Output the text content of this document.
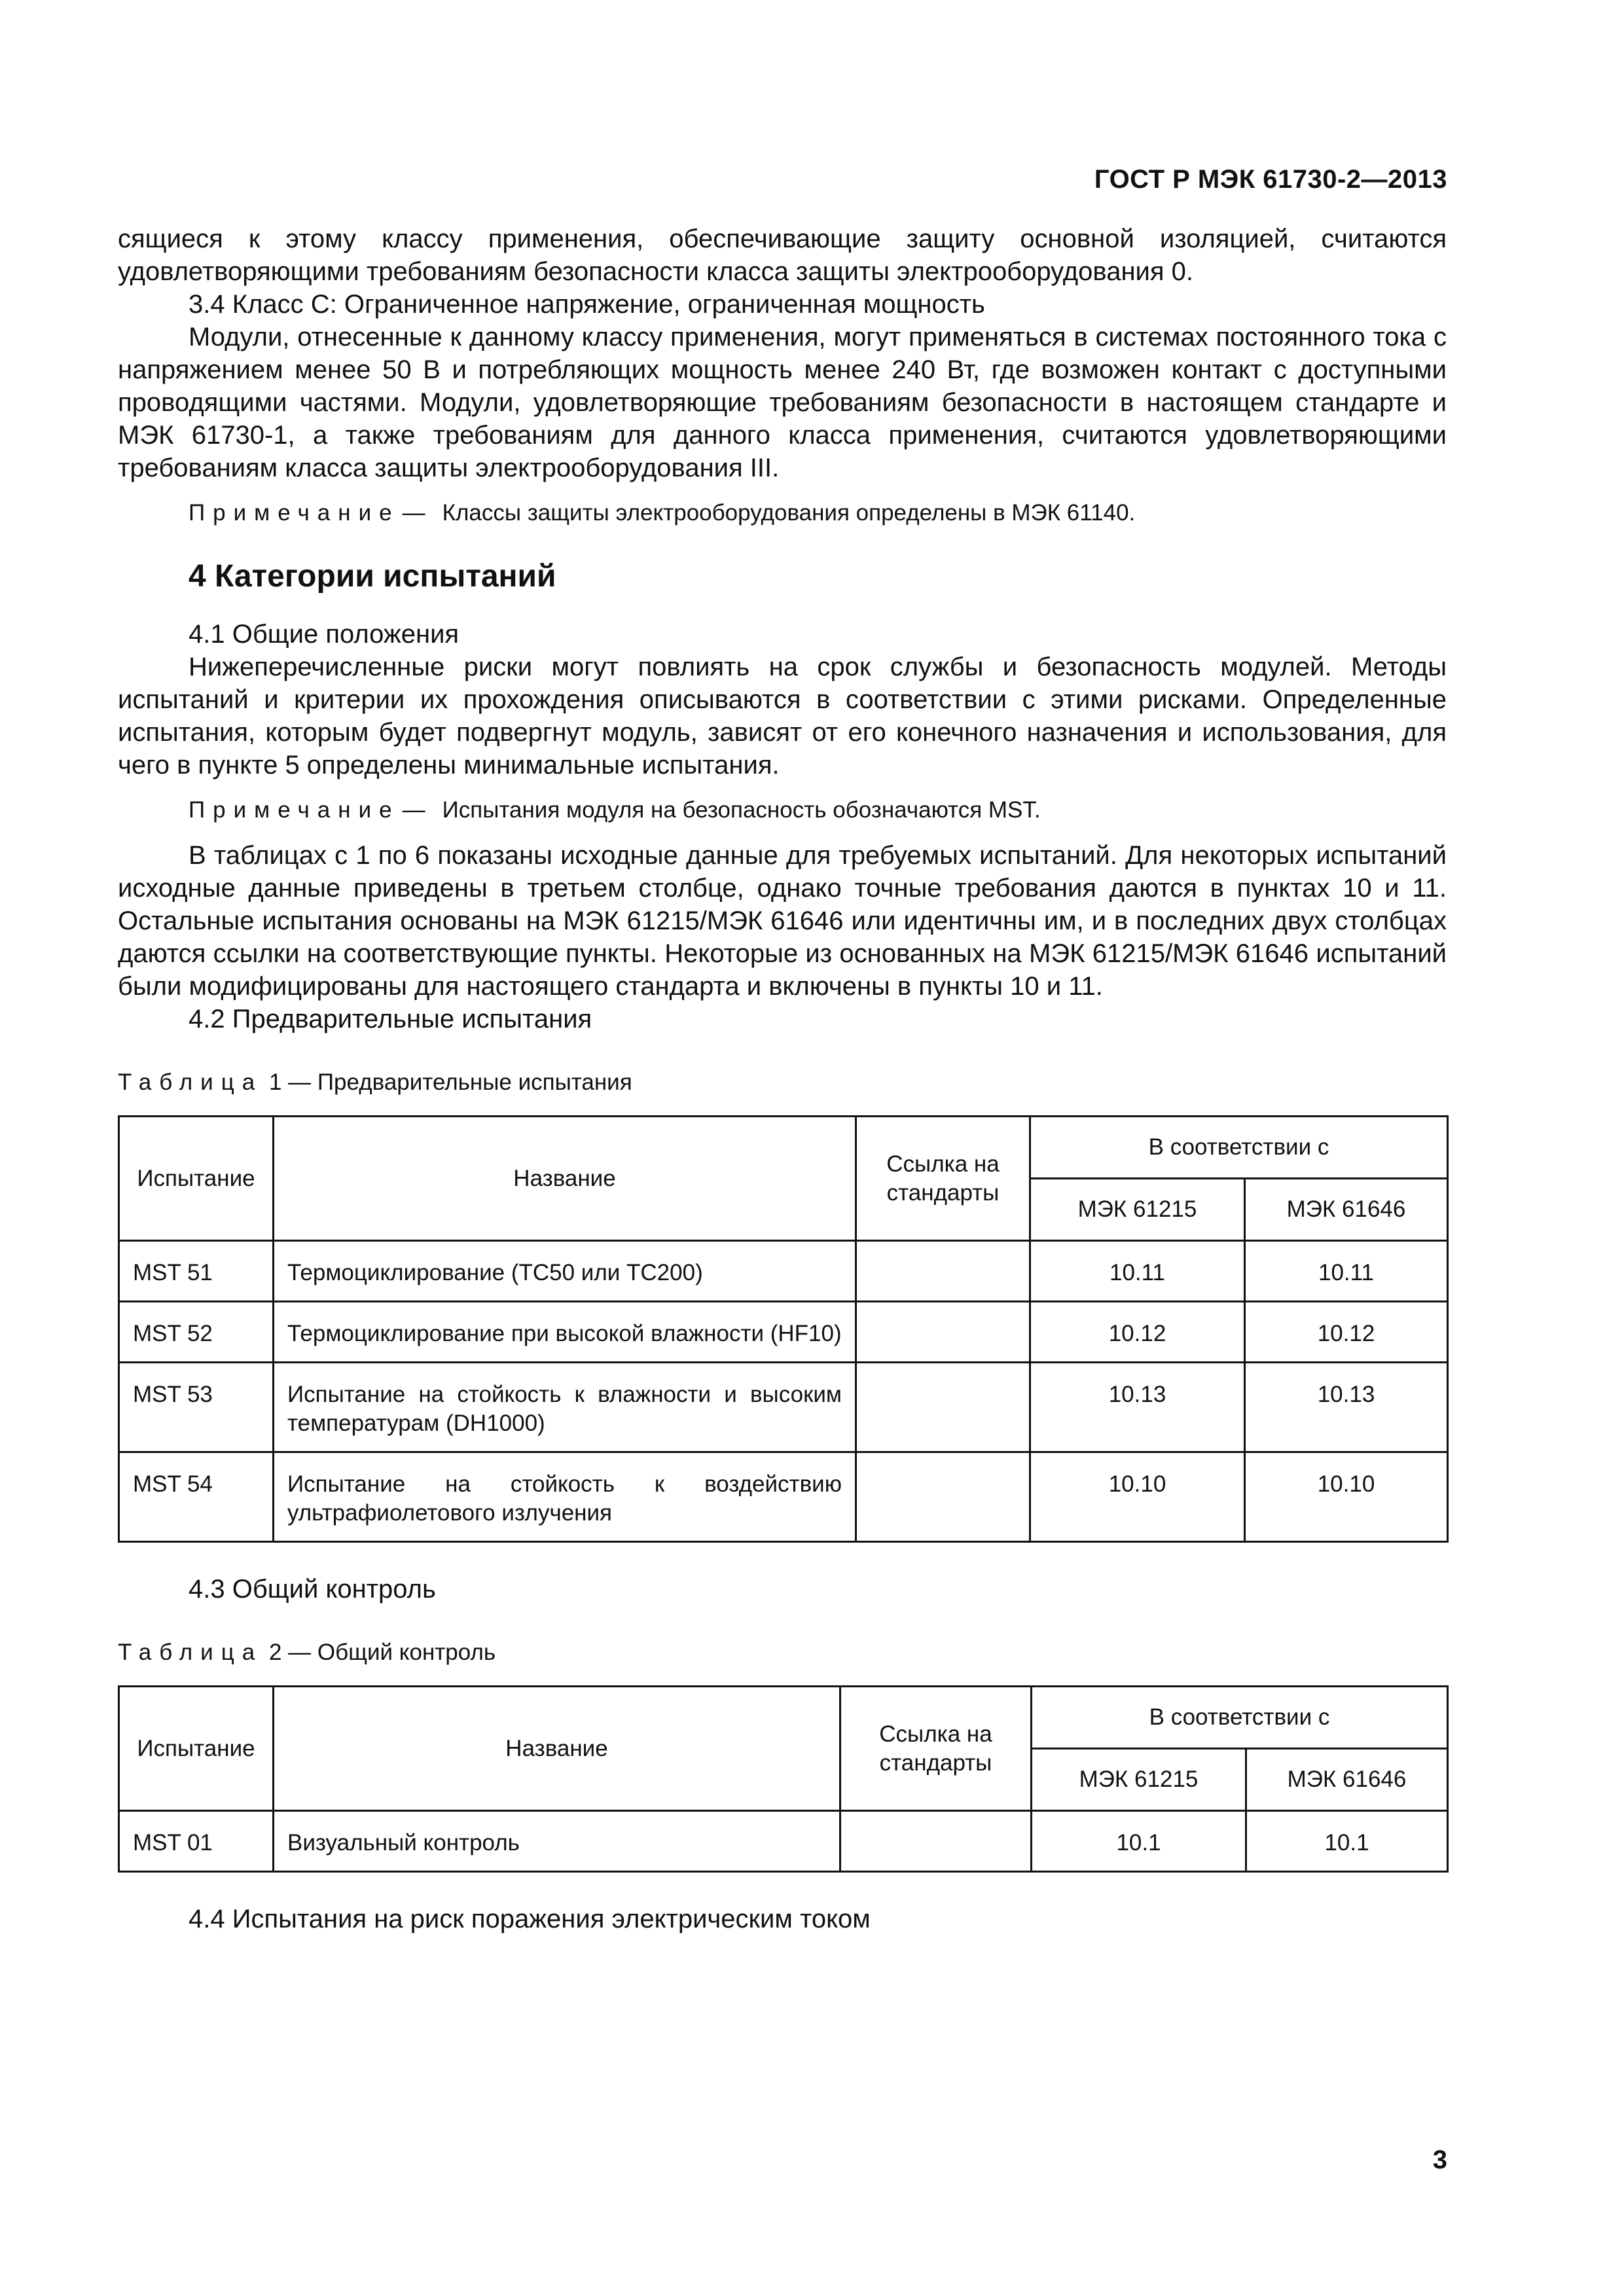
ГОСТ Р МЭК 61730-2—2013

сящиеся к этому классу применения, обеспечивающие защиту основной изоляцией, считаются удовлетворяющими требованиям безопасности класса защиты электрооборудования 0.

3.4 Класс С: Ограниченное напряжение, ограниченная мощность

Модули, отнесенные к данному классу применения, могут применяться в системах постоянного тока с напряжением менее 50 В и потребляющих мощность менее 240 Вт, где возможен контакт с доступными проводящими частями. Модули, удовлетворяющие требованиям безопасности в настоящем стандарте и МЭК 61730-1, а также требованиям для данного класса применения, считаются удовлетворяющими требованиям класса защиты электрооборудования III.

Примечание — Классы защиты электрооборудования определены в МЭК 61140.

4 Категории испытаний

4.1 Общие положения

Нижеперечисленные риски могут повлиять на срок службы и безопасность модулей. Методы испытаний и критерии их прохождения описываются в соответствии с этими рисками. Определенные испытания, которым будет подвергнут модуль, зависят от его конечного назначения и использования, для чего в пункте 5 определены минимальные испытания.

Примечание — Испытания модуля на безопасность обозначаются MST.

В таблицах с 1 по 6 показаны исходные данные для требуемых испытаний. Для некоторых испытаний исходные данные приведены в третьем столбце, однако точные требования даются в пунктах 10 и 11. Остальные испытания основаны на МЭК 61215/МЭК 61646 или идентичны им, и в последних двух столбцах даются ссылки на соответствующие пункты. Некоторые из основанных на МЭК 61215/МЭК 61646 испытаний были модифицированы для настоящего стандарта и включены в пункты 10 и 11.

4.2 Предварительные испытания

Таблица 1 — Предварительные испытания

Испытание	Название	Ссылка на стандарты	В соответствии с	
			МЭК 61215	МЭК 61646
MST 51	Термоциклирование (TC50 или TC200)		10.11	10.11
MST 52	Термоциклирование при высокой влажности (HF10)		10.12	10.12
MST 53	Испытание на стойкость к влажности и высоким температурам (DH1000)		10.13	10.13
MST 54	Испытание на стойкость к воздействию ультрафиолетового излучения		10.10	10.10

4.3 Общий контроль

Таблица 2 — Общий контроль

Испытание	Название	Ссылка на стандарты	В соответствии с	
			МЭК 61215	МЭК 61646
MST 01	Визуальный контроль		10.1	10.1

4.4 Испытания на риск поражения электрическим током

3
